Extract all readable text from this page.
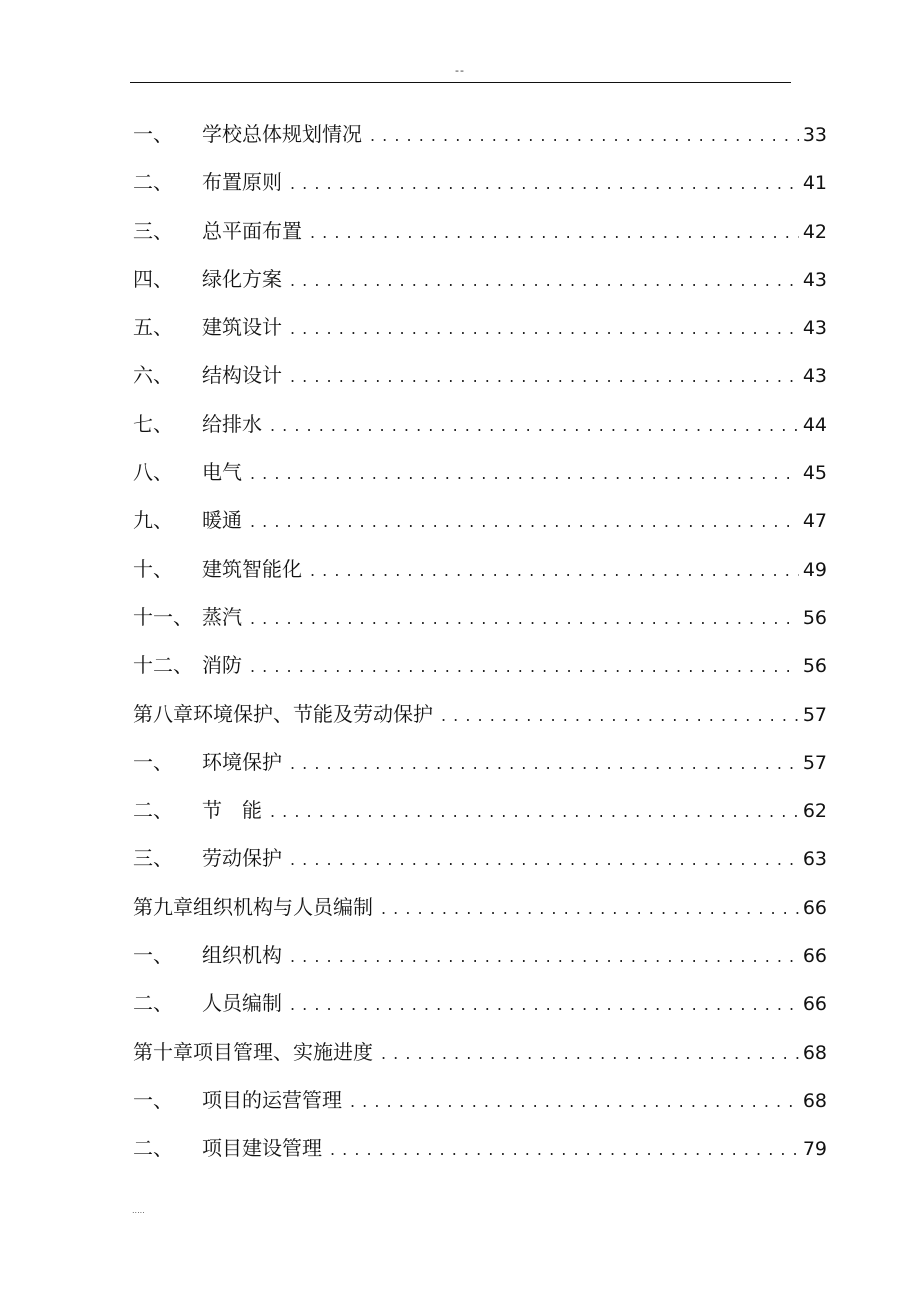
--
一、	学校总体规划情况 . . .	33
二、	布置原则 . . .	41
三、	总平面布置 . . .	42
四、	绿化方案 . . .	43
五、	建筑设计 . . .	43
六、	结构设计 . . .	43
七、	给排水 . . .	44
八、	电气 . . .	45
九、	暖通 . . .	47
十、	建筑智能化 . . .	49
十一、 蒸汽 . . .	56
十二、 消防 . . .	56
第八章 环境保护、节能及劳动保护 . . .	57
一、	环境保护 . . .	57
二、	节　能 . . .	62
三、	劳动保护 . . .	63
第九章 组织机构与人员编制 . . .	66
一、	组织机构 . . .	66
二、	人员编制 . . .	66
第十章 项目管理、实施进度 . . .	68
一、	项目的运营管理 . . .	68
二、	项目建设管理 . . .	79
.....
